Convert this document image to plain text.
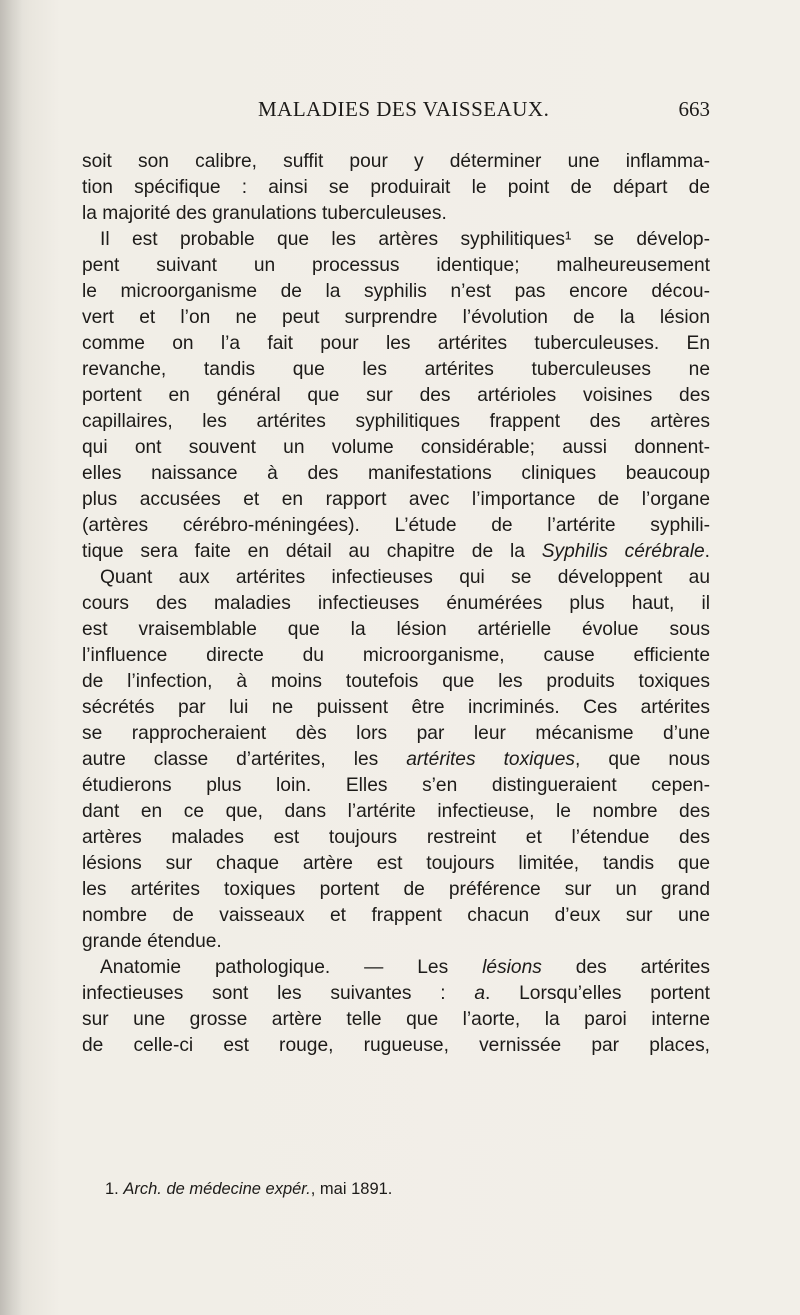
MALADIES DES VAISSEAUX.	663
soit son calibre, suffit pour y déterminer une inflamma-
tion spécifique : ainsi se produirait le point de départ de
la majorité des granulations tuberculeuses.
Il est probable que les artères syphilitiques¹ se dévelop-
pent suivant un processus identique; malheureusement
le microorganisme de la syphilis n’est pas encore décou-
vert et l’on ne peut surprendre l’évolution de la lésion
comme on l’a fait pour les artérites tuberculeuses. En
revanche, tandis que les artérites tuberculeuses ne
portent en général que sur des artérioles voisines des
capillaires, les artérites syphilitiques frappent des artères
qui ont souvent un volume considérable; aussi donnent-
elles naissance à des manifestations cliniques beaucoup
plus accusées et en rapport avec l’importance de l’organe
(artères cérébro-méningées). L’étude de l’artérite syphili-
tique sera faite en détail au chapitre de la Syphilis cérébrale.
Quant aux artérites infectieuses qui se développent au
cours des maladies infectieuses énumérées plus haut, il
est vraisemblable que la lésion artérielle évolue sous
l’influence directe du microorganisme, cause efficiente
de l’infection, à moins toutefois que les produits toxiques
sécrétés par lui ne puissent être incriminés. Ces artérites
se rapprocheraient dès lors par leur mécanisme d’une
autre classe d’artérites, les artérites toxiques, que nous
étudierons plus loin. Elles s’en distingueraient cepen-
dant en ce que, dans l’artérite infectieuse, le nombre des
artères malades est toujours restreint et l’étendue des
lésions sur chaque artère est toujours limitée, tandis que
les artérites toxiques portent de préférence sur un grand
nombre de vaisseaux et frappent chacun d’eux sur une
grande étendue.
Anatomie pathologique. — Les lésions des artérites
infectieuses sont les suivantes : a. Lorsqu’elles portent
sur une grosse artère telle que l’aorte, la paroi interne
de celle-ci est rouge, rugueuse, vernissée par places,
1. Arch. de médecine expér., mai 1891.
